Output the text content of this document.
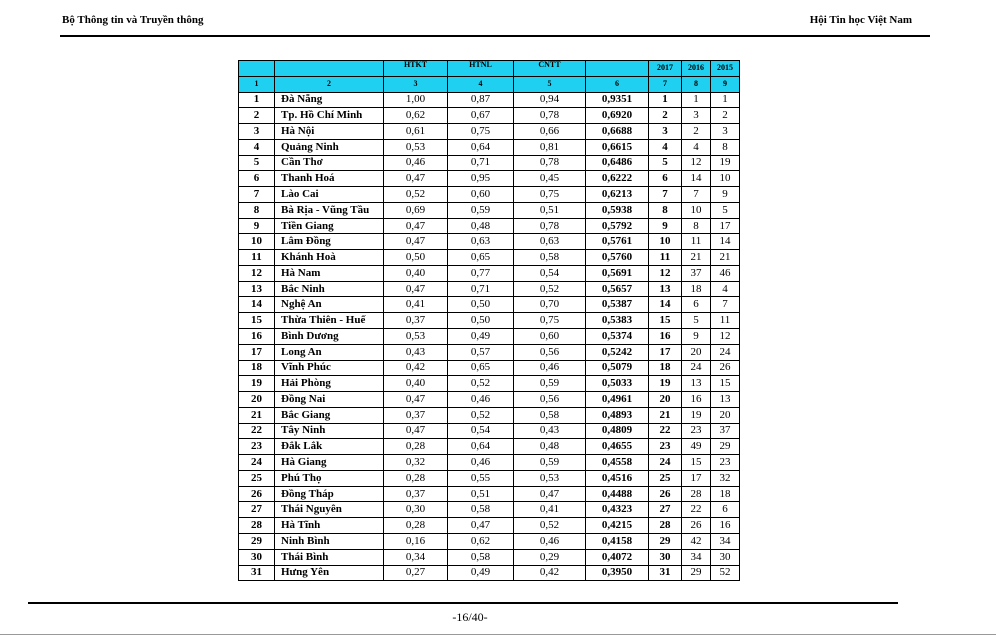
Bộ Thông tin và Truyền thông	Hội Tin học Việt Nam
		HTKT	HTNL	CNTT		2017	2016	2015
1	2	3	4	5	6	7	8	9
1	Đà Nẵng	1,00	0,87	0,94	0,9351	1	1	1
2	Tp. Hồ Chí Minh	0,62	0,67	0,78	0,6920	2	3	2
3	Hà Nội	0,61	0,75	0,66	0,6688	3	2	3
4	Quảng Ninh	0,53	0,64	0,81	0,6615	4	4	8
5	Cần Thơ	0,46	0,71	0,78	0,6486	5	12	19
6	Thanh Hoá	0,47	0,95	0,45	0,6222	6	14	10
7	Lào Cai	0,52	0,60	0,75	0,6213	7	7	9
8	Bà Rịa - Vũng Tầu	0,69	0,59	0,51	0,5938	8	10	5
9	Tiền Giang	0,47	0,48	0,78	0,5792	9	8	17
10	Lâm Đồng	0,47	0,63	0,63	0,5761	10	11	14
11	Khánh Hoà	0,50	0,65	0,58	0,5760	11	21	21
12	Hà Nam	0,40	0,77	0,54	0,5691	12	37	46
13	Bắc Ninh	0,47	0,71	0,52	0,5657	13	18	4
14	Nghệ An	0,41	0,50	0,70	0,5387	14	6	7
15	Thừa Thiên - Huế	0,37	0,50	0,75	0,5383	15	5	11
16	Bình Dương	0,53	0,49	0,60	0,5374	16	9	12
17	Long An	0,43	0,57	0,56	0,5242	17	20	24
18	Vĩnh Phúc	0,42	0,65	0,46	0,5079	18	24	26
19	Hải Phòng	0,40	0,52	0,59	0,5033	19	13	15
20	Đồng Nai	0,47	0,46	0,56	0,4961	20	16	13
21	Bắc Giang	0,37	0,52	0,58	0,4893	21	19	20
22	Tây Ninh	0,47	0,54	0,43	0,4809	22	23	37
23	Đắk Lắk	0,28	0,64	0,48	0,4655	23	49	29
24	Hà Giang	0,32	0,46	0,59	0,4558	24	15	23
25	Phú Thọ	0,28	0,55	0,53	0,4516	25	17	32
26	Đồng Tháp	0,37	0,51	0,47	0,4488	26	28	18
27	Thái Nguyên	0,30	0,58	0,41	0,4323	27	22	6
28	Hà Tĩnh	0,28	0,47	0,52	0,4215	28	26	16
29	Ninh Bình	0,16	0,62	0,46	0,4158	29	42	34
30	Thái Bình	0,34	0,58	0,29	0,4072	30	34	30
31	Hưng Yên	0,27	0,49	0,42	0,3950	31	29	52
-16/40-
